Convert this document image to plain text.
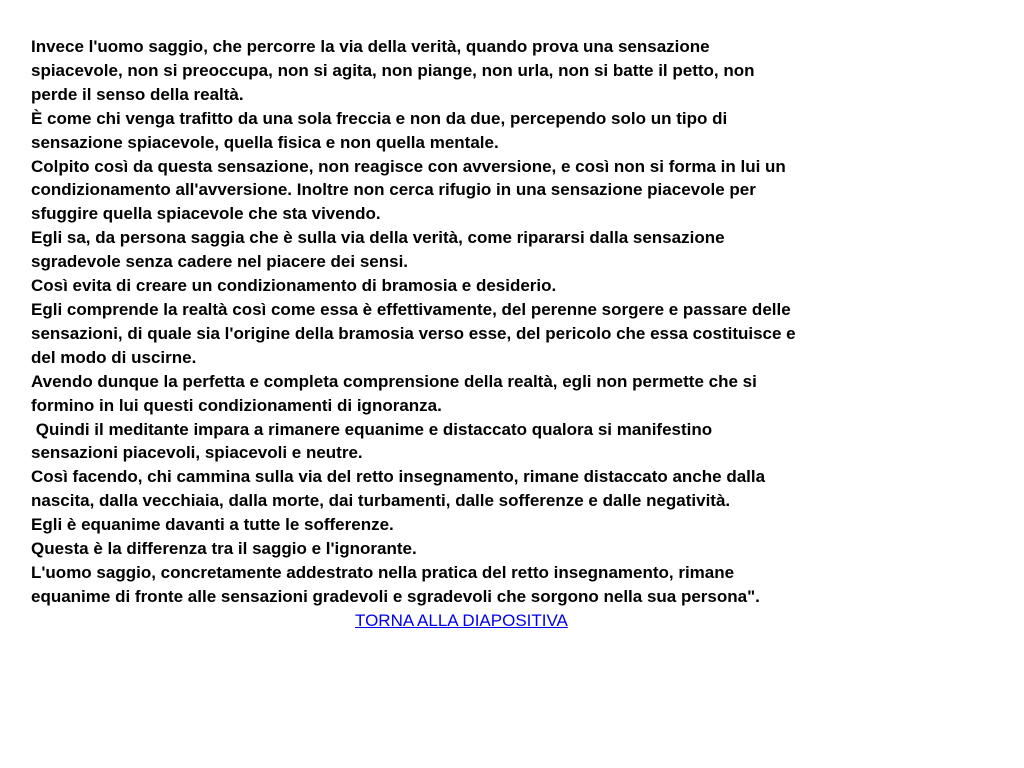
Invece l'uomo saggio, che percorre la via della verità, quando prova una sensazione
spiacevole, non si preoccupa, non si agita, non piange, non urla, non si batte il petto, non
perde il senso della realtà.
È come chi venga trafitto da una sola freccia e non da due, percependo solo un tipo di
sensazione spiacevole, quella fisica e non quella mentale.
Colpito così da questa sensazione, non reagisce con avversione, e così non si forma in lui un
condizionamento all'avversione. Inoltre non cerca rifugio in una sensazione piacevole per
sfuggire quella spiacevole che sta vivendo.
Egli sa, da persona saggia che è sulla via della verità, come ripararsi dalla sensazione
sgradevole senza cadere nel piacere dei sensi.
Così evita di creare un condizionamento di bramosia e desiderio.
Egli comprende la realtà così come essa è effettivamente, del perenne sorgere e passare delle
sensazioni, di quale sia l'origine della bramosia verso esse, del pericolo che essa costituisce e
del modo di uscirne.
Avendo dunque la perfetta e completa comprensione della realtà, egli non permette che si
formino in lui questi condizionamenti di ignoranza.
Quindi il meditante impara a rimanere equanime e distaccato qualora si manifestino
sensazioni piacevoli, spiacevoli e neutre.
Così facendo, chi cammina sulla via del retto insegnamento, rimane distaccato anche dalla
nascita, dalla vecchiaia, dalla morte, dai turbamenti, dalle sofferenze e dalle negatività.
Egli è equanime davanti a tutte le sofferenze.
Questa è la differenza tra il saggio e l'ignorante.
L'uomo saggio, concretamente addestrato nella pratica del retto insegnamento, rimane
equanime di fronte alle sensazioni gradevoli e sgradevoli che sorgono nella sua persona".
TORNA ALLA DIAPOSITIVA
